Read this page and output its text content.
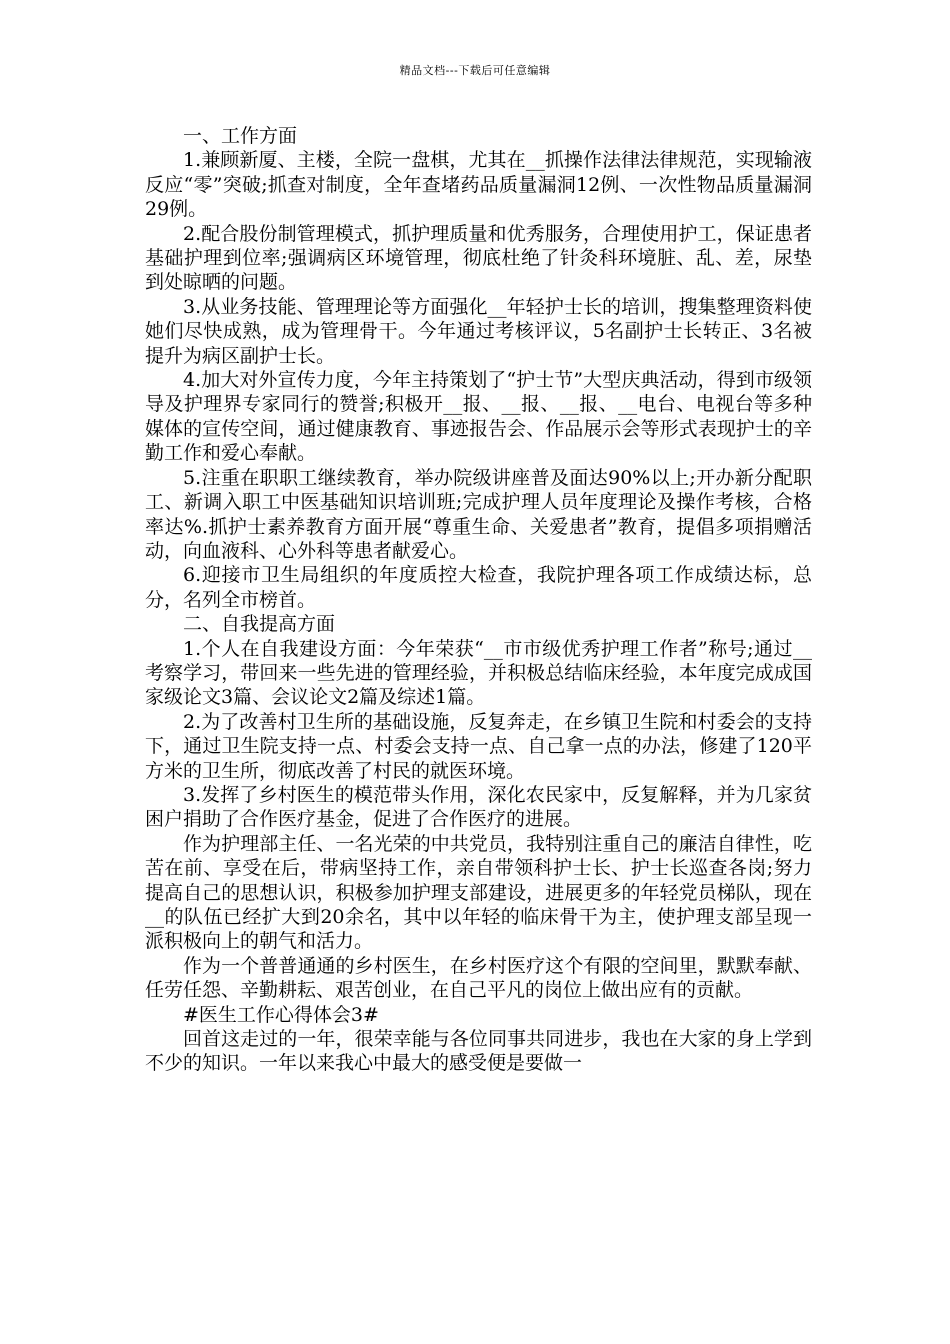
精品文档---下载后可任意编辑

一、工作方面

1.兼顾新厦、主楼，全院一盘棋，尤其在__抓操作法律法律规范，实现输液反应“零”突破;抓查对制度，全年查堵药品质量漏洞12例、一次性物品质量漏洞29例。

2.配合股份制管理模式，抓护理质量和优秀服务，合理使用护工，保证患者基础护理到位率;强调病区环境管理，彻底杜绝了针灸科环境脏、乱、差，尿垫到处晾晒的问题。

3.从业务技能、管理理论等方面强化__年轻护士长的培训，搜集整理资料使她们尽快成熟，成为管理骨干。今年通过考核评议，5名副护士长转正、3名被提升为病区副护士长。

4.加大对外宣传力度，今年主持策划了“护士节”大型庆典活动，得到市级领导及护理界专家同行的赞誉;积极开__报、__报、__报、__电台、电视台等多种媒体的宣传空间，通过健康教育、事迹报告会、作品展示会等形式表现护士的辛勤工作和爱心奉献。

5.注重在职职工继续教育，举办院级讲座普及面达90%以上;开办新分配职工、新调入职工中医基础知识培训班;完成护理人员年度理论及操作考核，合格率达%.抓护士素养教育方面开展“尊重生命、关爱患者”教育，提倡多项捐赠活动，向血液科、心外科等患者献爱心。

6.迎接市卫生局组织的年度质控大检查，我院护理各项工作成绩达标，总分，名列全市榜首。

二、自我提高方面

1.个人在自我建设方面：今年荣获“__市市级优秀护理工作者”称号;通过__考察学习，带回来一些先进的管理经验，并积极总结临床经验，本年度完成成国家级论文3篇、会议论文2篇及综述1篇。

2.为了改善村卫生所的基础设施，反复奔走，在乡镇卫生院和村委会的支持下，通过卫生院支持一点、村委会支持一点、自己拿一点的办法，修建了120平方米的卫生所，彻底改善了村民的就医环境。

3.发挥了乡村医生的模范带头作用，深化农民家中，反复解释，并为几家贫困户捐助了合作医疗基金，促进了合作医疗的进展。

作为护理部主任、一名光荣的中共党员，我特别注重自己的廉洁自律性，吃苦在前、享受在后，带病坚持工作，亲自带领科护士长、护士长巡查各岗;努力提高自己的思想认识，积极参加护理支部建设，进展更多的年轻党员梯队，现在__的队伍已经扩大到20余名，其中以年轻的临床骨干为主，使护理支部呈现一派积极向上的朝气和活力。

作为一个普普通通的乡村医生，在乡村医疗这个有限的空间里，默默奉献、任劳任怨、辛勤耕耘、艰苦创业，在自己平凡的岗位上做出应有的贡献。

#医生工作心得体会3#

回首这走过的一年，很荣幸能与各位同事共同进步，我也在大家的身上学到不少的知识。一年以来我心中最大的感受便是要做一
